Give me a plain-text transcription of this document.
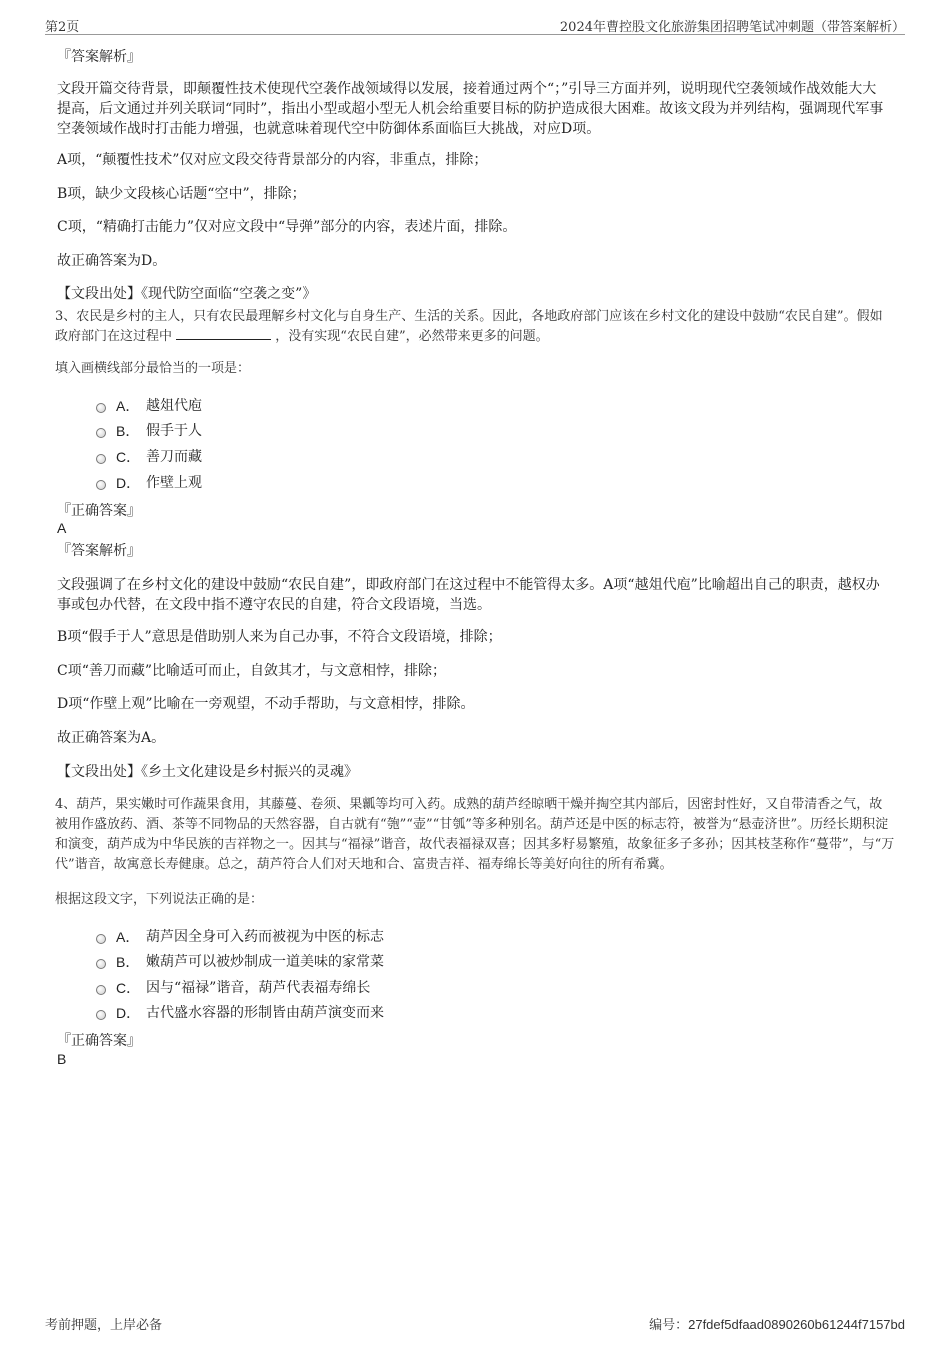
第2页	2024年曹控股文化旅游集团招聘笔试冲刺题（带答案解析）
『答案解析』
文段开篇交待背景，即颠覆性技术使现代空袭作战领域得以发展，接着通过两个“；”引导三方面并列，说明现代空袭领域作战效能大大提高，后文通过并列关联词“同时”，指出小型或超小型无人机会给重要目标的防护造成很大困难。故该文段为并列结构，强调现代军事空袭领域作战时打击能力增强，也就意味着现代空中防御体系面临巨大挑战，对应D项。
A项，“颠覆性技术”仅对应文段交待背景部分的内容，非重点，排除；
B项，缺少文段核心话题“空中”，排除；
C项，“精确打击能力”仅对应文段中“导弹”部分的内容，表述片面，排除。
故正确答案为D。
【文段出处】《现代防空面临“空袭之变”》
3、农民是乡村的主人，只有农民最理解乡村文化与自身生产、生活的关系。因此，各地政府部门应该在乡村文化的建设中鼓励“农民自建”。假如政府部门在这过程中	，没有实现“农民自建”，必然带来更多的问题。
填入画横线部分最恰当的一项是：
A． 越俎代庖
B． 假手于人
C． 善刀而藏
D． 作壁上观
『正确答案』
A
『答案解析』
文段强调了在乡村文化的建设中鼓励“农民自建”，即政府部门在这过程中不能管得太多。A项“越俎代庖”比喻超出自己的职责，越权办事或包办代替，在文段中指不遵守农民的自建，符合文段语境，当选。
B项“假手于人”意思是借助别人来为自己办事，不符合文段语境，排除；
C项“善刀而藏”比喻适可而止，自敛其才，与文意相悖，排除；
D项“作壁上观”比喻在一旁观望，不动手帮助，与文意相悖，排除。
故正确答案为A。
【文段出处】《乡土文化建设是乡村振兴的灵魂》
4、葫芦，果实嫩时可作蔬果食用，其藤蔓、卷须、果瓤等均可入药。成熟的葫芦经晾晒干燥并掏空其内部后，因密封性好，又自带清香之气，故被用作盛放药、酒、茶等不同物品的天然容器，自古就有“匏”“壶”“甘瓠”等多种别名。葫芦还是中医的标志符，被誉为“悬壶济世”。历经长期积淀和演变，葫芦成为中华民族的吉祥物之一。因其与“福禄”谐音，故代表福禄双喜；因其多籽易繁殖，故象征多子多孙；因其枝茎称作“蔓带”，与“万代”谐音，故寓意长寿健康。总之，葫芦符合人们对天地和合、富贵吉祥、福寿绵长等美好向往的所有希冀。
根据这段文字，下列说法正确的是：
A． 葫芦因全身可入药而被视为中医的标志
B． 嫩葫芦可以被炒制成一道美味的家常菜
C． 因与“福禄”谐音，葫芦代表福寿绵长
D． 古代盛水容器的形制皆由葫芦演变而来
『正确答案』
B
考前押题，上岸必备	编号：27fdef5dfaad0890260b61244f7157bd
